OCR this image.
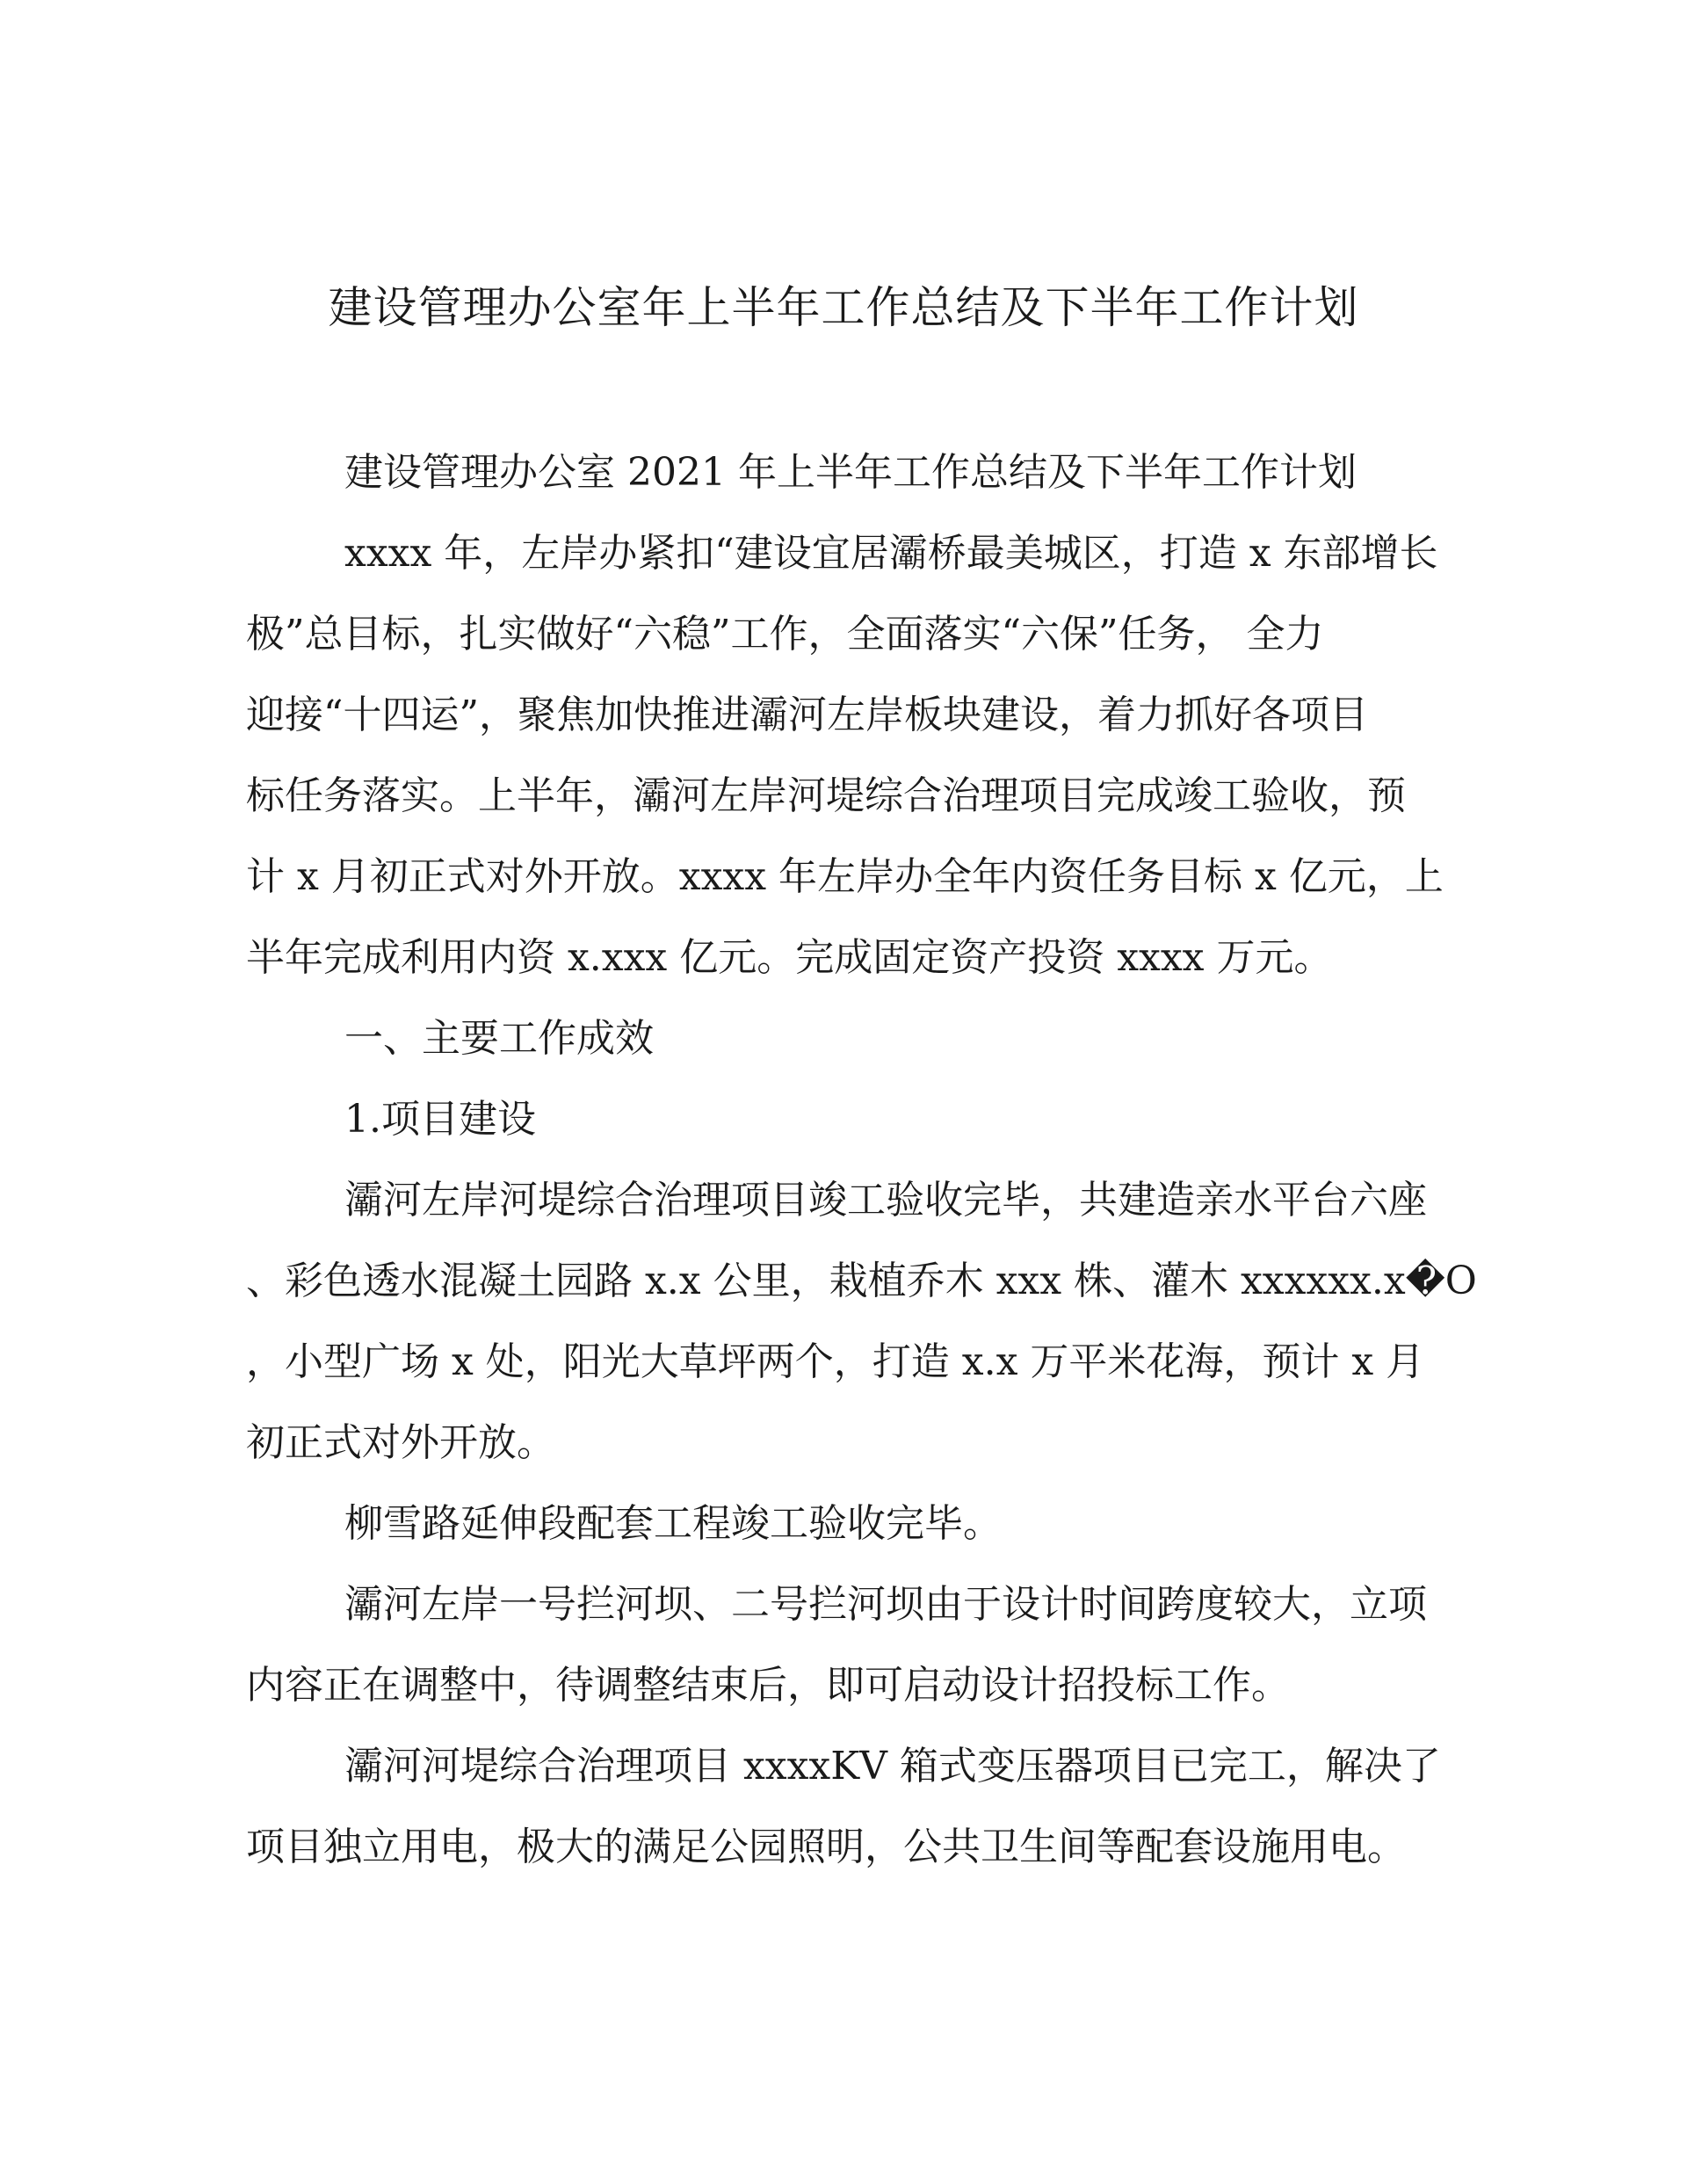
建设管理办公室年上半年工作总结及下半年工作计划

建设管理办公室 2021 年上半年工作总结及下半年工作计划

xxxx 年，左岸办紧扣“建设宜居灞桥最美城区，打造 x 东部增长

极”总目标，扎实做好“六稳”工作，全面落实“六保”任务， 全力

迎接“十四运”，聚焦加快推进灞河左岸板块建设，着力抓好各项目

标任务落实。上半年，灞河左岸河堤综合治理项目完成竣工验收，预

计 x 月初正式对外开放。xxxx 年左岸办全年内资任务目标 x 亿元，上

半年完成利用内资 x.xxx 亿元。完成固定资产投资 xxxx 万元。

一、主要工作成效

1.项目建设

灞河左岸河堤综合治理项目竣工验收完毕，共建造亲水平台六座

、彩色透水混凝土园路 x.x 公里，栽植乔木 xxx 株、灌木 xxxxxx.x�O

，小型广场 x 处，阳光大草坪两个，打造 x.x 万平米花海，预计 x 月

初正式对外开放。

柳雪路延伸段配套工程竣工验收完毕。

灞河左岸一号拦河坝、二号拦河坝由于设计时间跨度较大，立项

内容正在调整中，待调整结束后，即可启动设计招投标工作。

灞河河堤综合治理项目 xxxxKV 箱式变压器项目已完工，解决了

项目独立用电，极大的满足公园照明，公共卫生间等配套设施用电。
